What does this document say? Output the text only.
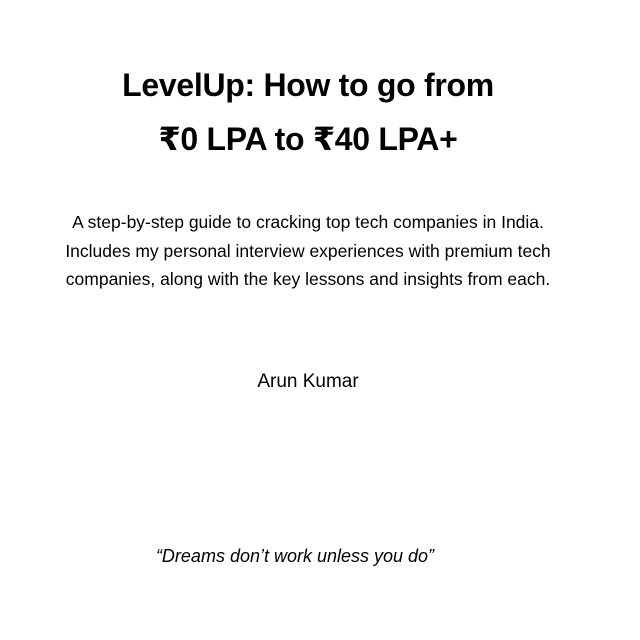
LevelUp: How to go from
₹0 LPA to ₹40 LPA+
A step-by-step guide to cracking top tech companies in India.
Includes my personal interview experiences with premium tech
companies, along with the key lessons and insights from each.
Arun Kumar
“Dreams don’t work unless you do”
